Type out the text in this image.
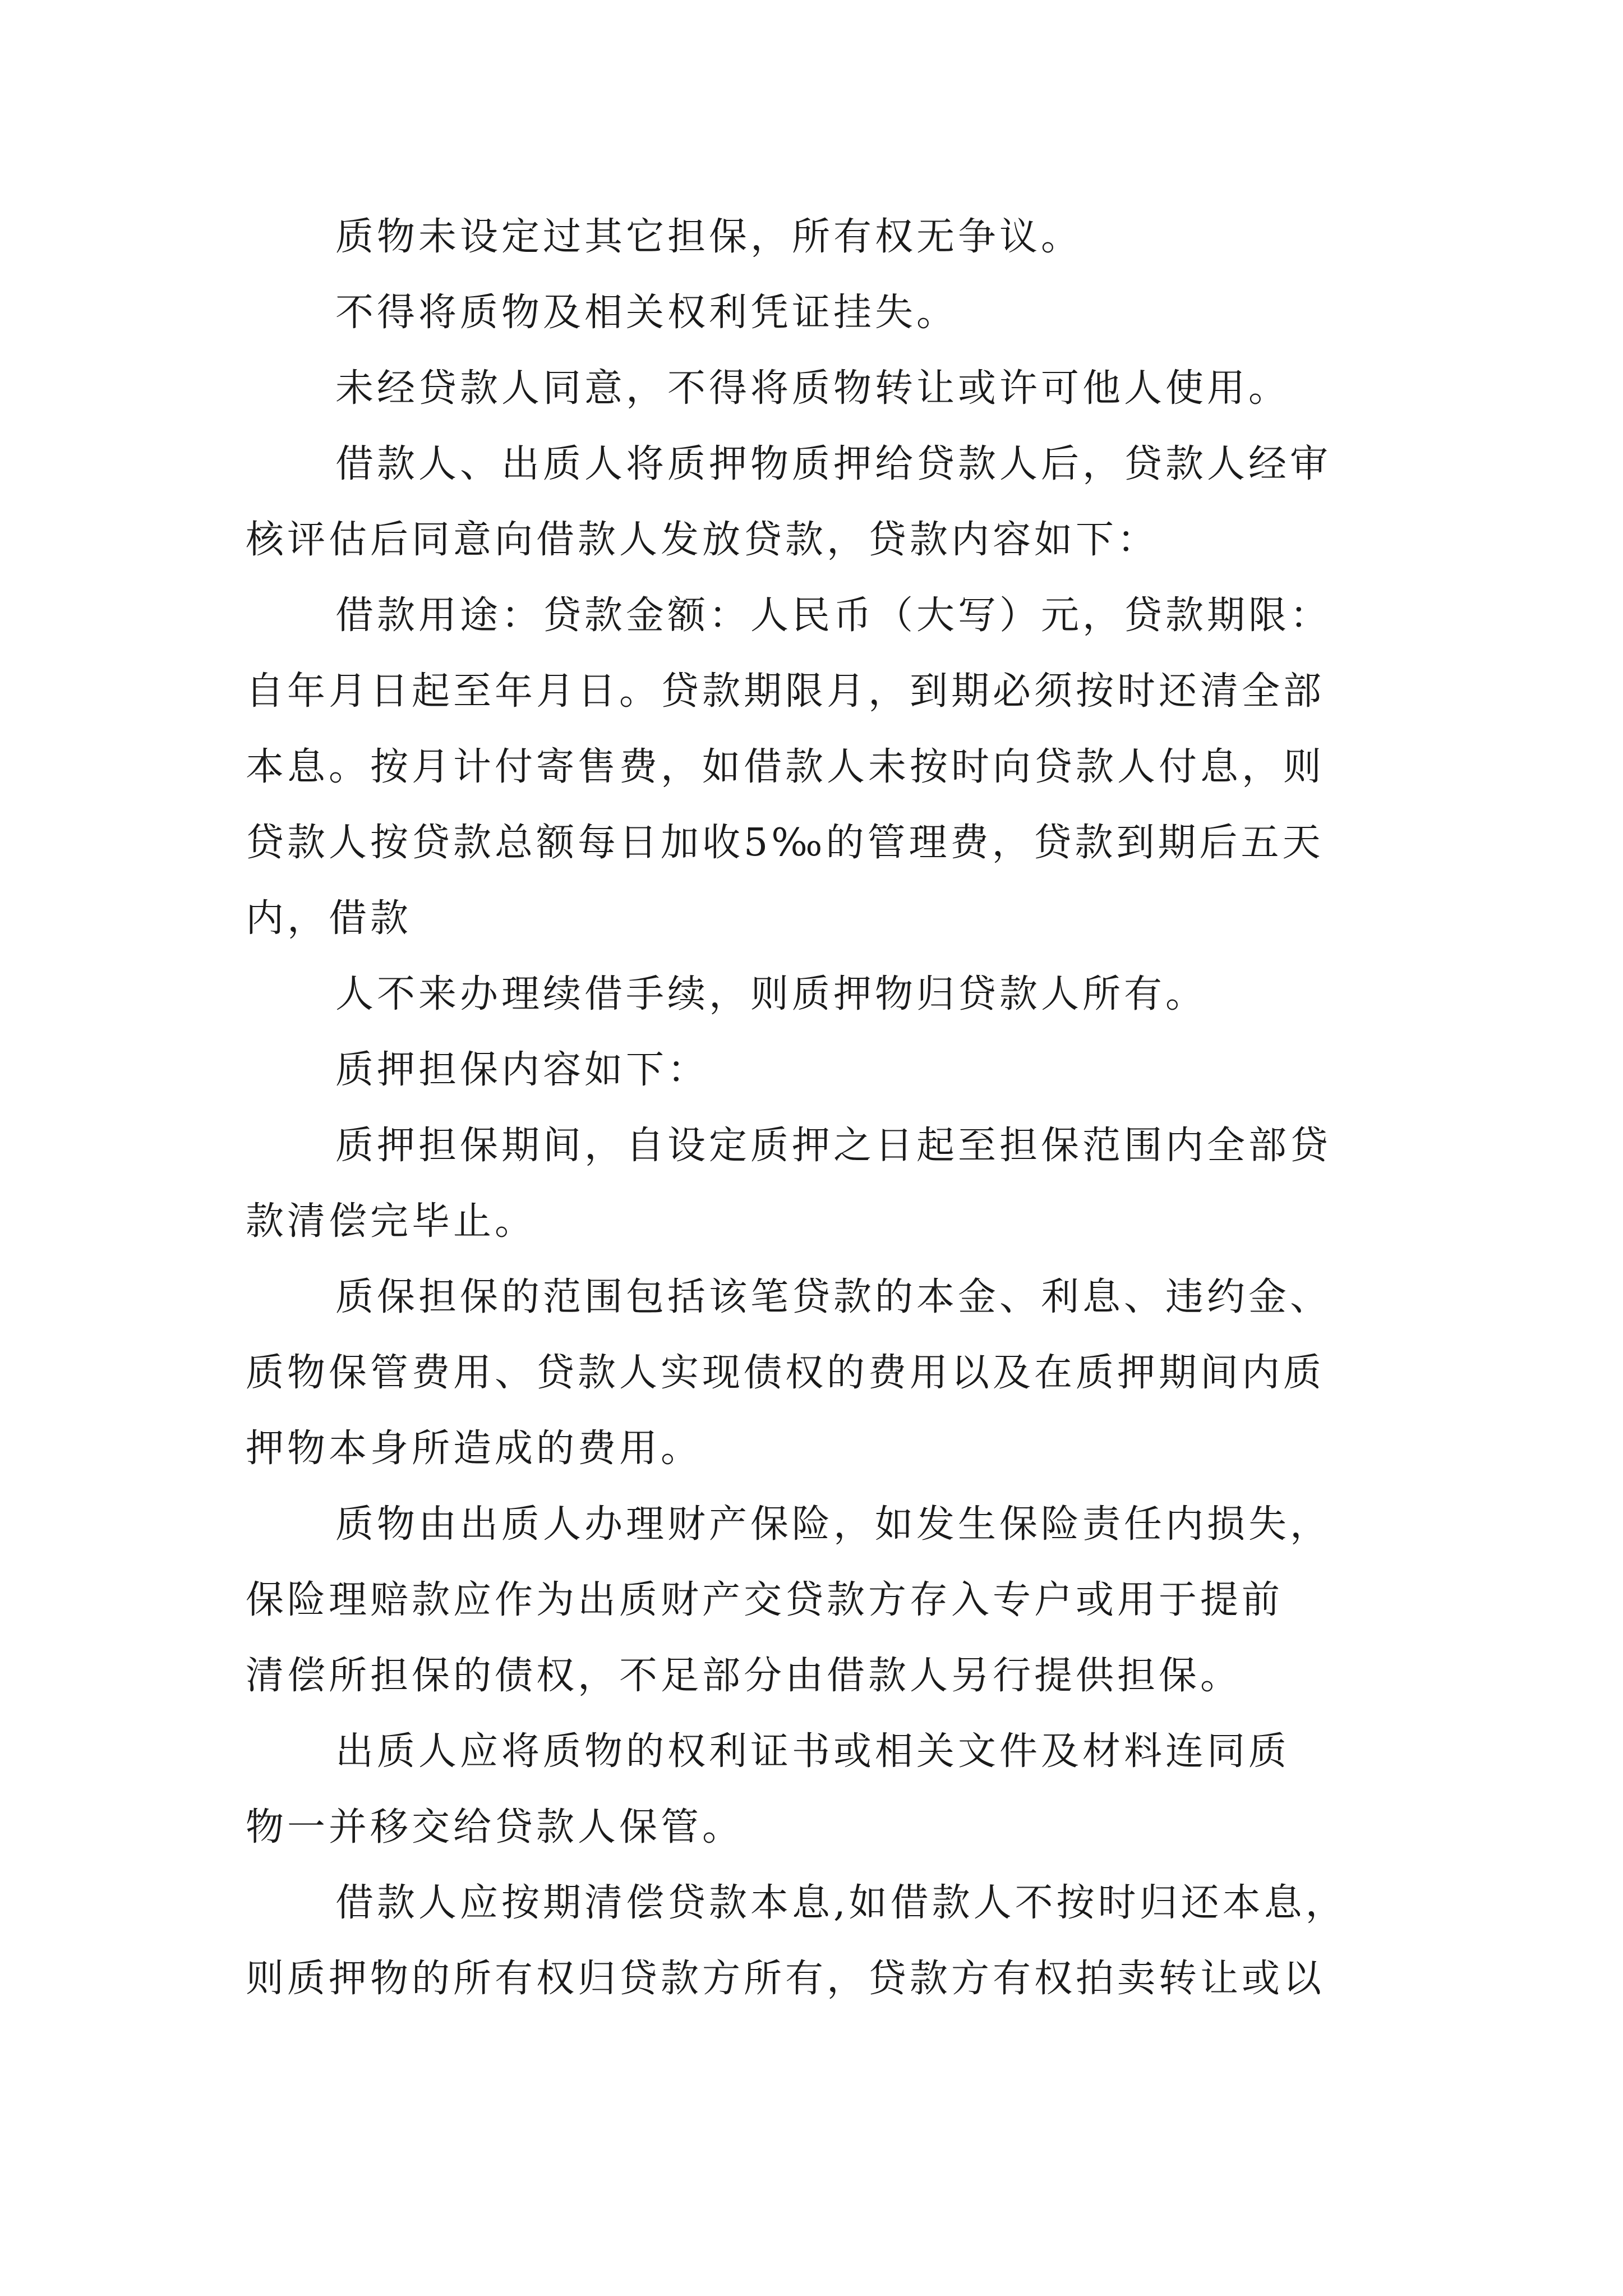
质物未设定过其它担保，所有权无争议。
不得将质物及相关权利凭证挂失。
未经贷款人同意，不得将质物转让或许可他人使用。
借款人、出质人将质押物质押给贷款人后，贷款人经审
核评估后同意向借款人发放贷款，贷款内容如下：
借款用途：贷款金额：人民币（大写）元，贷款期限：
自年月日起至年月日。贷款期限月，到期必须按时还清全部
本息。按月计付寄售费，如借款人未按时向贷款人付息，则
贷款人按贷款总额每日加收5‰的管理费，贷款到期后五天
内，借款
人不来办理续借手续，则质押物归贷款人所有。
质押担保内容如下：
质押担保期间，自设定质押之日起至担保范围内全部贷
款清偿完毕止。
质保担保的范围包括该笔贷款的本金、利息、违约金、
质物保管费用、贷款人实现债权的费用以及在质押期间内质
押物本身所造成的费用。
质物由出质人办理财产保险，如发生保险责任内损失，
保险理赔款应作为出质财产交贷款方存入专户或用于提前
清偿所担保的债权，不足部分由借款人另行提供担保。
出质人应将质物的权利证书或相关文件及材料连同质
物一并移交给贷款人保管。
借款人应按期清偿贷款本息,如借款人不按时归还本息，
则质押物的所有权归贷款方所有，贷款方有权拍卖转让或以
